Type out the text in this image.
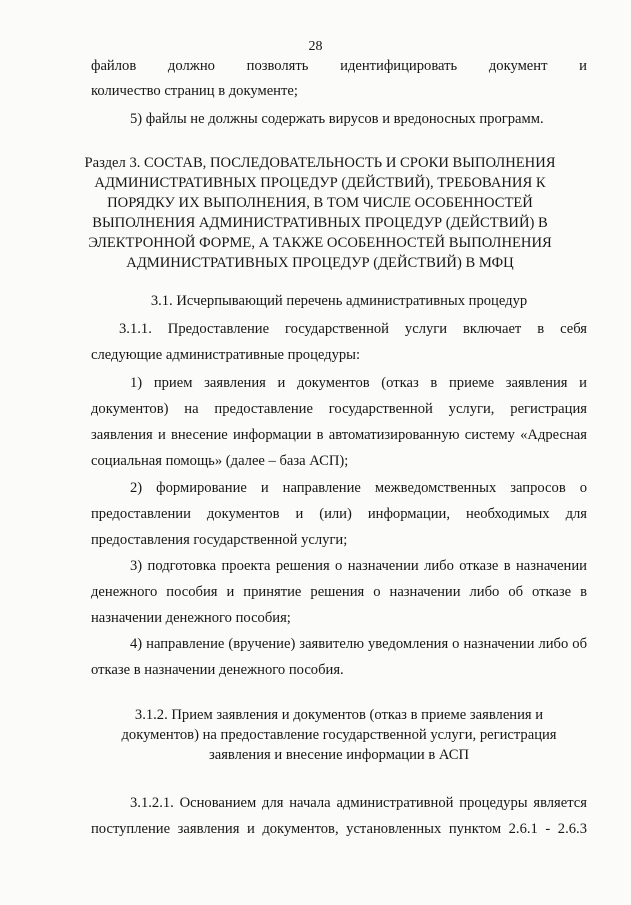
28
файлов должно позволять идентифицировать документ и
количество страниц в документе;
5) файлы не должны содержать вирусов и вредоносных программ.
Раздел 3. СОСТАВ, ПОСЛЕДОВАТЕЛЬНОСТЬ И СРОКИ ВЫПОЛНЕНИЯ
АДМИНИСТРАТИВНЫХ ПРОЦЕДУР (ДЕЙСТВИЙ), ТРЕБОВАНИЯ К
ПОРЯДКУ ИХ ВЫПОЛНЕНИЯ, В ТОМ ЧИСЛЕ ОСОБЕННОСТЕЙ
ВЫПОЛНЕНИЯ АДМИНИСТРАТИВНЫХ ПРОЦЕДУР (ДЕЙСТВИЙ) В
ЭЛЕКТРОННОЙ ФОРМЕ, А ТАКЖЕ ОСОБЕННОСТЕЙ ВЫПОЛНЕНИЯ
АДМИНИСТРАТИВНЫХ ПРОЦЕДУР (ДЕЙСТВИЙ) В МФЦ
3.1. Исчерпывающий перечень административных процедур
3.1.1. Предоставление государственной услуги включает в себя
следующие административные процедуры:
1) прием заявления и документов (отказ в приеме заявления и
документов) на предоставление государственной услуги, регистрация
заявления и внесение информации в автоматизированную систему «Адресная
социальная помощь» (далее – база АСП);
2) формирование и направление межведомственных запросов о
предоставлении документов и (или) информации, необходимых для
предоставления государственной услуги;
3) подготовка проекта решения о назначении либо отказе в назначении
денежного пособия и принятие решения о назначении либо об отказе в
назначении денежного пособия;
4) направление (вручение) заявителю уведомления о назначении либо об
отказе в назначении денежного пособия.
3.1.2. Прием заявления и документов (отказ в приеме заявления и
документов) на предоставление государственной услуги, регистрация
заявления и внесение информации в АСП
3.1.2.1. Основанием для начала административной процедуры является
поступление заявления и документов, установленных пунктом 2.6.1 - 2.6.3
